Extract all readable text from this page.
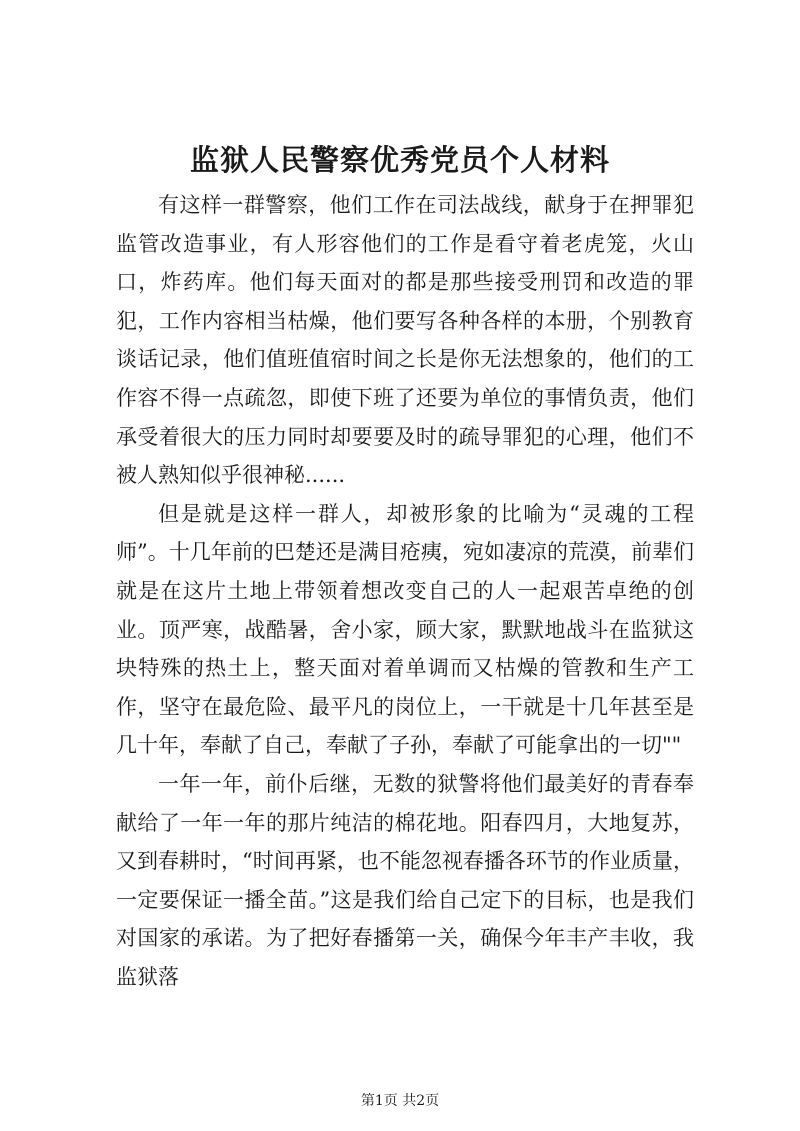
监狱人民警察优秀党员个人材料

有这样一群警察，他们工作在司法战线，献身于在押罪犯监管改造事业，有人形容他们的工作是看守着老虎笼，火山口，炸药库。他们每天面对的都是那些接受刑罚和改造的罪犯，工作内容相当枯燥，他们要写各种各样的本册，个别教育谈话记录，他们值班值宿时间之长是你无法想象的，他们的工作容不得一点疏忽，即使下班了还要为单位的事情负责，他们承受着很大的压力同时却要要及时的疏导罪犯的心理，他们不被人熟知似乎很神秘......

但是就是这样一群人，却被形象的比喻为“灵魂的工程师”。十几年前的巴楚还是满目疮痍，宛如凄凉的荒漠，前辈们就是在这片土地上带领着想改变自己的人一起艰苦卓绝的创业。顶严寒，战酷暑，舍小家，顾大家，默默地战斗在监狱这块特殊的热土上，整天面对着单调而又枯燥的管教和生产工作，坚守在最危险、最平凡的岗位上，一干就是十几年甚至是几十年，奉献了自己，奉献了子孙，奉献了可能拿出的一切""

一年一年，前仆后继，无数的狱警将他们最美好的青春奉献给了一年一年的那片纯洁的棉花地。阳春四月，大地复苏，又到春耕时，“时间再紧，也不能忽视春播各环节的作业质量，一定要保证一播全苗。”这是我们给自己定下的目标，也是我们对国家的承诺。为了把好春播第一关，确保今年丰产丰收，我监狱落

第1页 共2页
